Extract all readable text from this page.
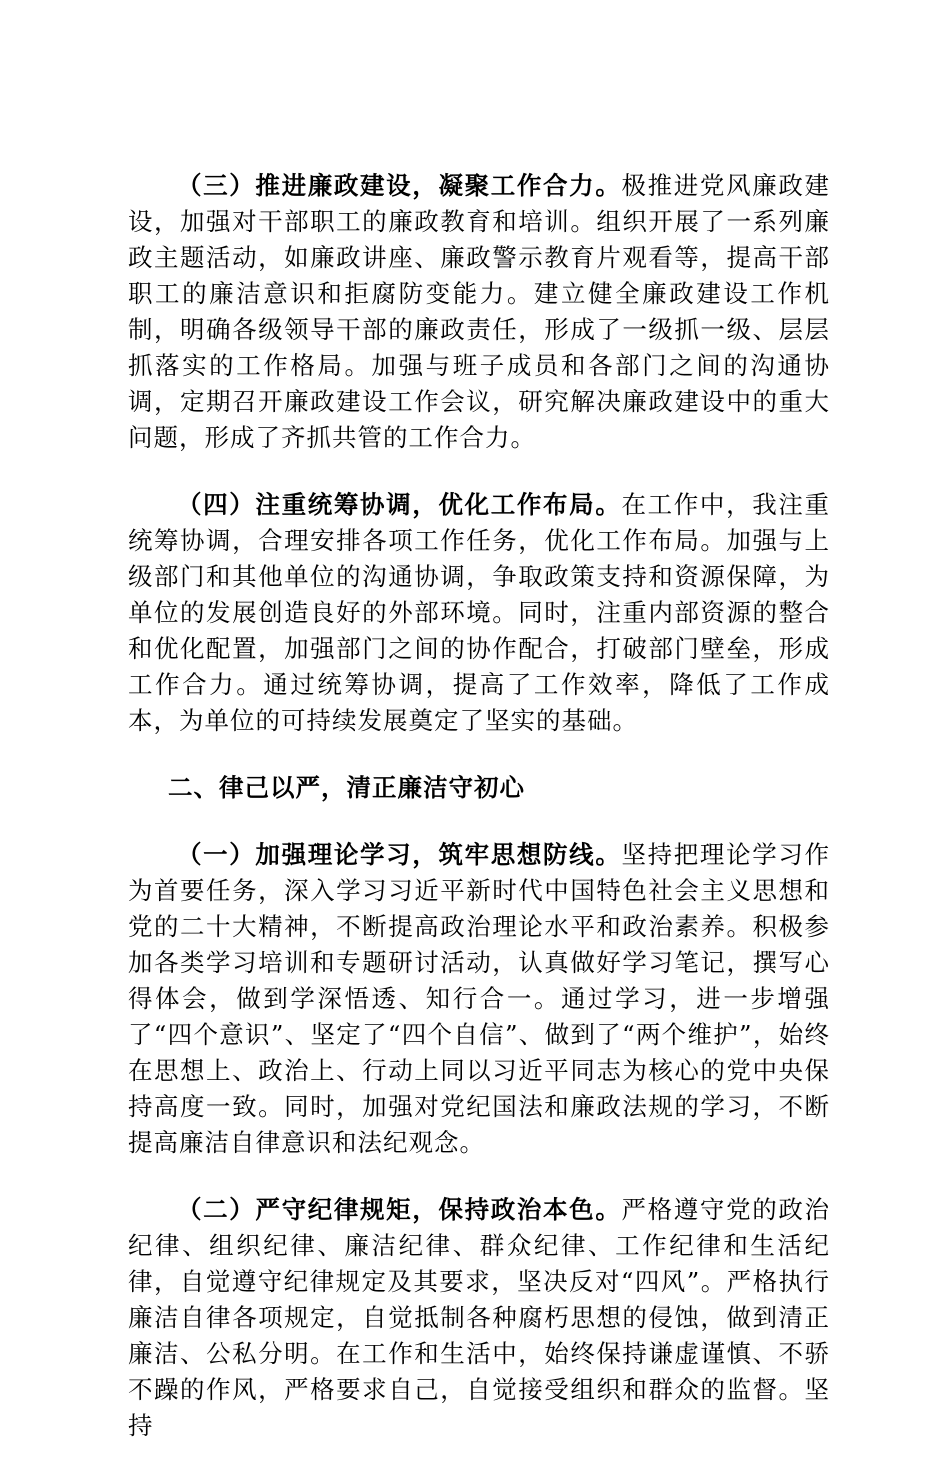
（三）推进廉政建设，凝聚工作合力。极推进党风廉政建设，加强对干部职工的廉政教育和培训。组织开展了一系列廉政主题活动，如廉政讲座、廉政警示教育片观看等，提高干部职工的廉洁意识和拒腐防变能力。建立健全廉政建设工作机制，明确各级领导干部的廉政责任，形成了一级抓一级、层层抓落实的工作格局。加强与班子成员和各部门之间的沟通协调，定期召开廉政建设工作会议，研究解决廉政建设中的重大问题，形成了齐抓共管的工作合力。

（四）注重统筹协调，优化工作布局。在工作中，我注重统筹协调，合理安排各项工作任务，优化工作布局。加强与上级部门和其他单位的沟通协调，争取政策支持和资源保障，为单位的发展创造良好的外部环境。同时，注重内部资源的整合和优化配置，加强部门之间的协作配合，打破部门壁垒，形成工作合力。通过统筹协调，提高了工作效率，降低了工作成本，为单位的可持续发展奠定了坚实的基础。

二、律己以严，清正廉洁守初心

（一）加强理论学习，筑牢思想防线。坚持把理论学习作为首要任务，深入学习习近平新时代中国特色社会主义思想和党的二十大精神，不断提高政治理论水平和政治素养。积极参加各类学习培训和专题研讨活动，认真做好学习笔记，撰写心得体会，做到学深悟透、知行合一。通过学习，进一步增强了“四个意识”、坚定了“四个自信”、做到了“两个维护”，始终在思想上、政治上、行动上同以习近平同志为核心的党中央保持高度一致。同时，加强对党纪国法和廉政法规的学习，不断提高廉洁自律意识和法纪观念。

（二）严守纪律规矩，保持政治本色。严格遵守党的政治纪律、组织纪律、廉洁纪律、群众纪律、工作纪律和生活纪律，自觉遵守纪律规定及其要求，坚决反对“四风”。严格执行廉洁自律各项规定，自觉抵制各种腐朽思想的侵蚀，做到清正廉洁、公私分明。在工作和生活中，始终保持谦虚谨慎、不骄不躁的作风，严格要求自己，自觉接受组织和群众的监督。坚持
